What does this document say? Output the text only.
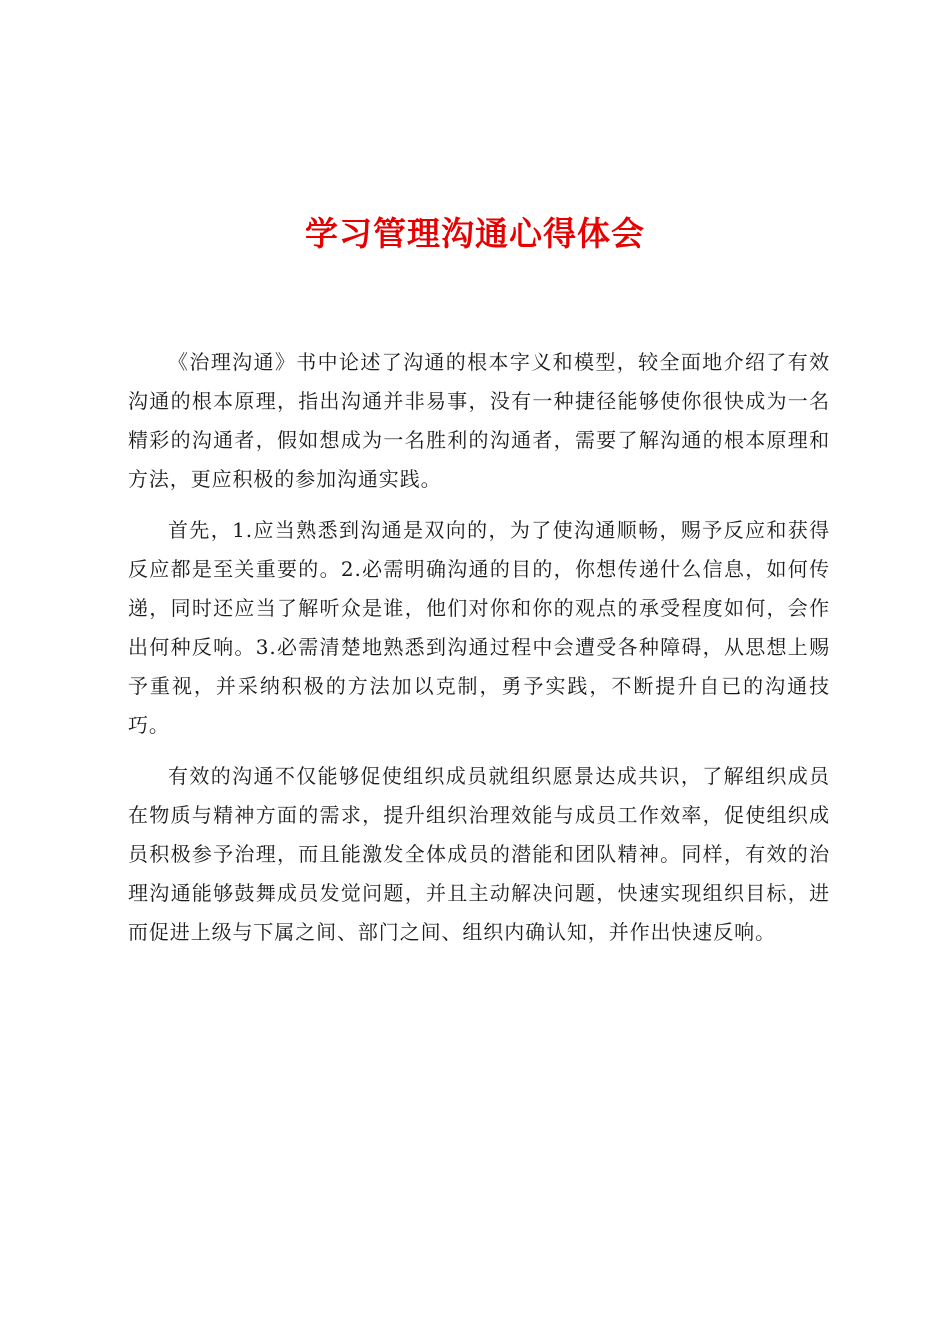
学习管理沟通心得体会

《治理沟通》书中论述了沟通的根本字义和模型，较全面地介绍了有效沟通的根本原理，指出沟通并非易事，没有一种捷径能够使你很快成为一名精彩的沟通者，假如想成为一名胜利的沟通者，需要了解沟通的根本原理和方法，更应积极的参加沟通实践。

首先，1.应当熟悉到沟通是双向的，为了使沟通顺畅，赐予反应和获得反应都是至关重要的。2.必需明确沟通的目的，你想传递什么信息，如何传递，同时还应当了解听众是谁，他们对你和你的观点的承受程度如何，会作出何种反响。3.必需清楚地熟悉到沟通过程中会遭受各种障碍，从思想上赐予重视，并采纳积极的方法加以克制，勇予实践，不断提升自已的沟通技巧。

有效的沟通不仅能够促使组织成员就组织愿景达成共识，了解组织成员在物质与精神方面的需求，提升组织治理效能与成员工作效率，促使组织成员积极参予治理，而且能激发全体成员的潜能和团队精神。同样，有效的治理沟通能够鼓舞成员发觉问题，并且主动解决问题，快速实现组织目标，进而促进上级与下属之间、部门之间、组织内确认知，并作出快速反响。
